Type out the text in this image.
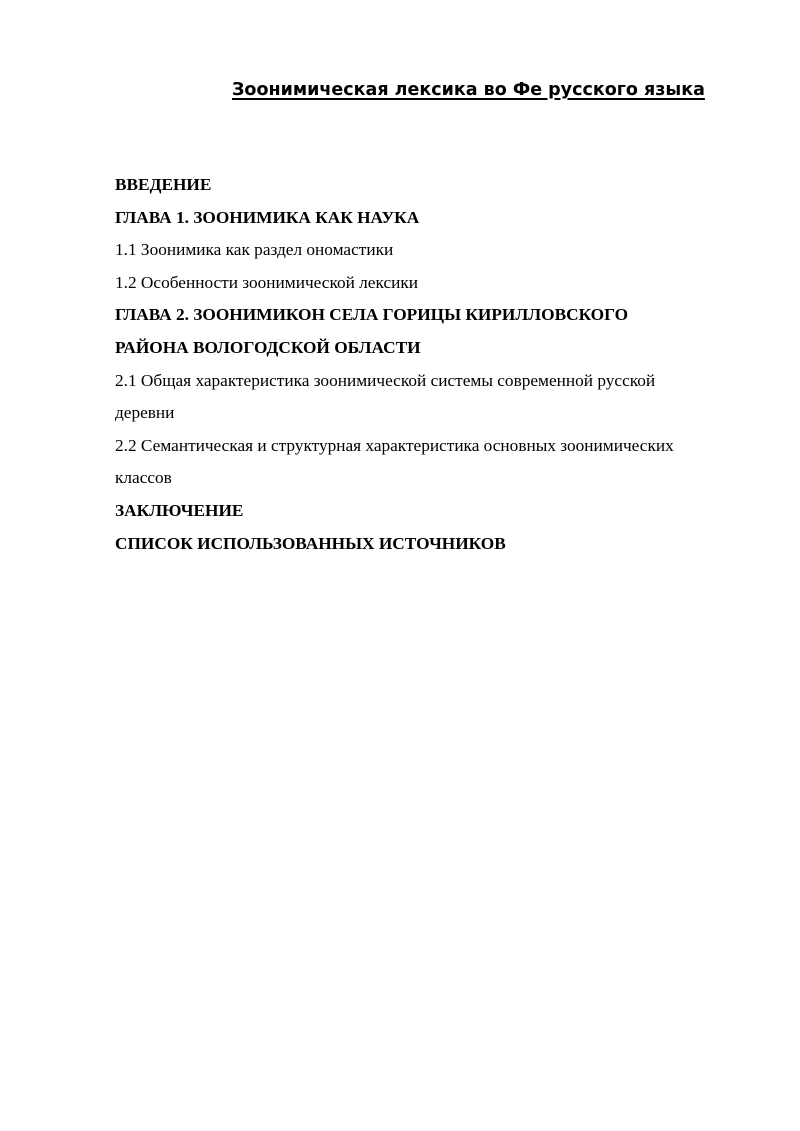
Зоонимическая лексика во Фе русского языка
ВВЕДЕНИЕ
ГЛАВА 1. ЗООНИМИКА КАК НАУКА
1.1 Зоонимика как раздел ономастики
1.2 Особенности зоонимической лексики
ГЛАВА 2. ЗООНИМИКОН СЕЛА ГОРИЦЫ КИРИЛЛОВСКОГО
РАЙОНА ВОЛОГОДСКОЙ ОБЛАСТИ
2.1 Общая характеристика зоонимической системы современной русской
деревни
2.2 Семантическая и структурная характеристика основных зоонимических
классов
ЗАКЛЮЧЕНИЕ
СПИСОК ИСПОЛЬЗОВАННЫХ ИСТОЧНИКОВ
